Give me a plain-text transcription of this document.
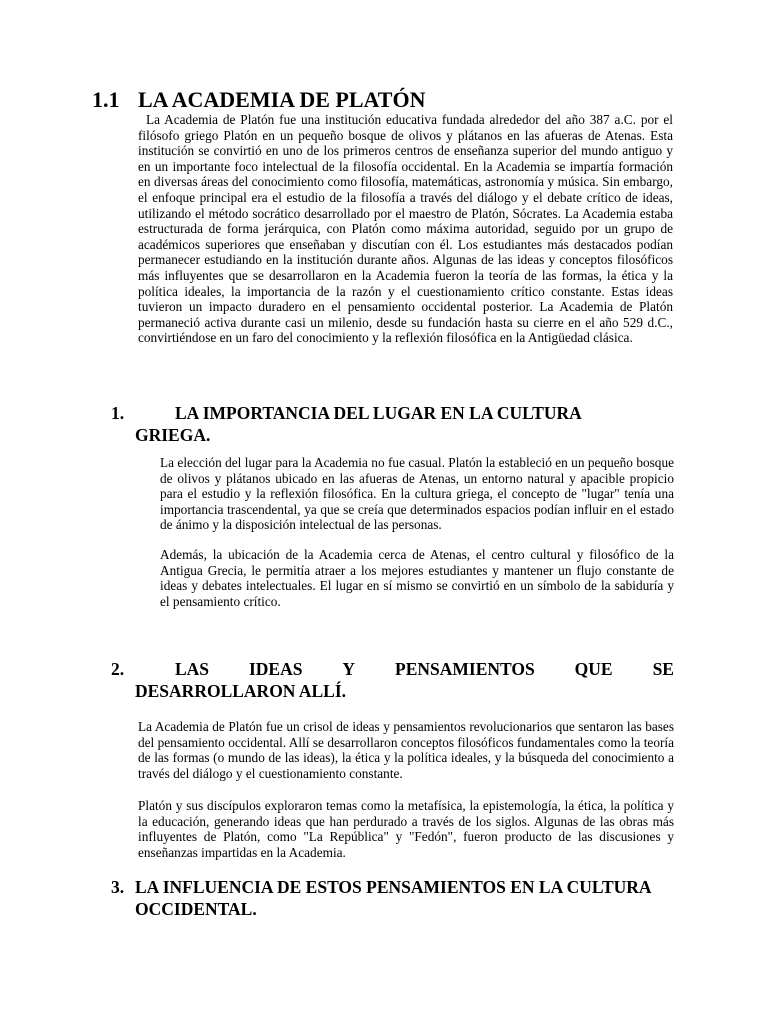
1.1 LA ACADEMIA DE PLATÓN

La Academia de Platón fue una institución educativa fundada alrededor del año 387 a.C. por el filósofo griego Platón en un pequeño bosque de olivos y plátanos en las afueras de Atenas. Esta institución se convirtió en uno de los primeros centros de enseñanza superior del mundo antiguo y en un importante foco intelectual de la filosofía occidental. En la Academia se impartía formación en diversas áreas del conocimiento como filosofía, matemáticas, astronomía y música. Sin embargo, el enfoque principal era el estudio de la filosofía a través del diálogo y el debate crítico de ideas, utilizando el método socrático desarrollado por el maestro de Platón, Sócrates. La Academia estaba estructurada de forma jerárquica, con Platón como máxima autoridad, seguido por un grupo de académicos superiores que enseñaban y discutían con él. Los estudiantes más destacados podían permanecer estudiando en la institución durante años. Algunas de las ideas y conceptos filosóficos más influyentes que se desarrollaron en la Academia fueron la teoría de las formas, la ética y la política ideales, la importancia de la razón y el cuestionamiento crítico constante. Estas ideas tuvieron un impacto duradero en el pensamiento occidental posterior. La Academia de Platón permaneció activa durante casi un milenio, desde su fundación hasta su cierre en el año 529 d.C., convirtiéndose en un faro del conocimiento y la reflexión filosófica en la Antigüedad clásica.

1.	LA IMPORTANCIA DEL LUGAR EN LA CULTURA
GRIEGA.

La elección del lugar para la Academia no fue casual. Platón la estableció en un pequeño bosque de olivos y plátanos ubicado en las afueras de Atenas, un entorno natural y apacible propicio para el estudio y la reflexión filosófica. En la cultura griega, el concepto de "lugar" tenía una importancia trascendental, ya que se creía que determinados espacios podían influir en el estado de ánimo y la disposición intelectual de las personas.

Además, la ubicación de la Academia cerca de Atenas, el centro cultural y filosófico de la Antigua Grecia, le permitía atraer a los mejores estudiantes y mantener un flujo constante de ideas y debates intelectuales. El lugar en sí mismo se convirtió en un símbolo de la sabiduría y el pensamiento crítico.

2.	LAS IDEAS Y PENSAMIENTOS QUE SE
DESARROLLARON ALLÍ.

La Academia de Platón fue un crisol de ideas y pensamientos revolucionarios que sentaron las bases del pensamiento occidental. Allí se desarrollaron conceptos filosóficos fundamentales como la teoría de las formas (o mundo de las ideas), la ética y la política ideales, y la búsqueda del conocimiento a través del diálogo y el cuestionamiento constante.

Platón y sus discípulos exploraron temas como la metafísica, la epistemología, la ética, la política y la educación, generando ideas que han perdurado a través de los siglos. Algunas de las obras más influyentes de Platón, como "La República" y "Fedón", fueron producto de las discusiones y enseñanzas impartidas en la Academia.

3. LA INFLUENCIA DE ESTOS PENSAMIENTOS EN LA CULTURA
OCCIDENTAL.
